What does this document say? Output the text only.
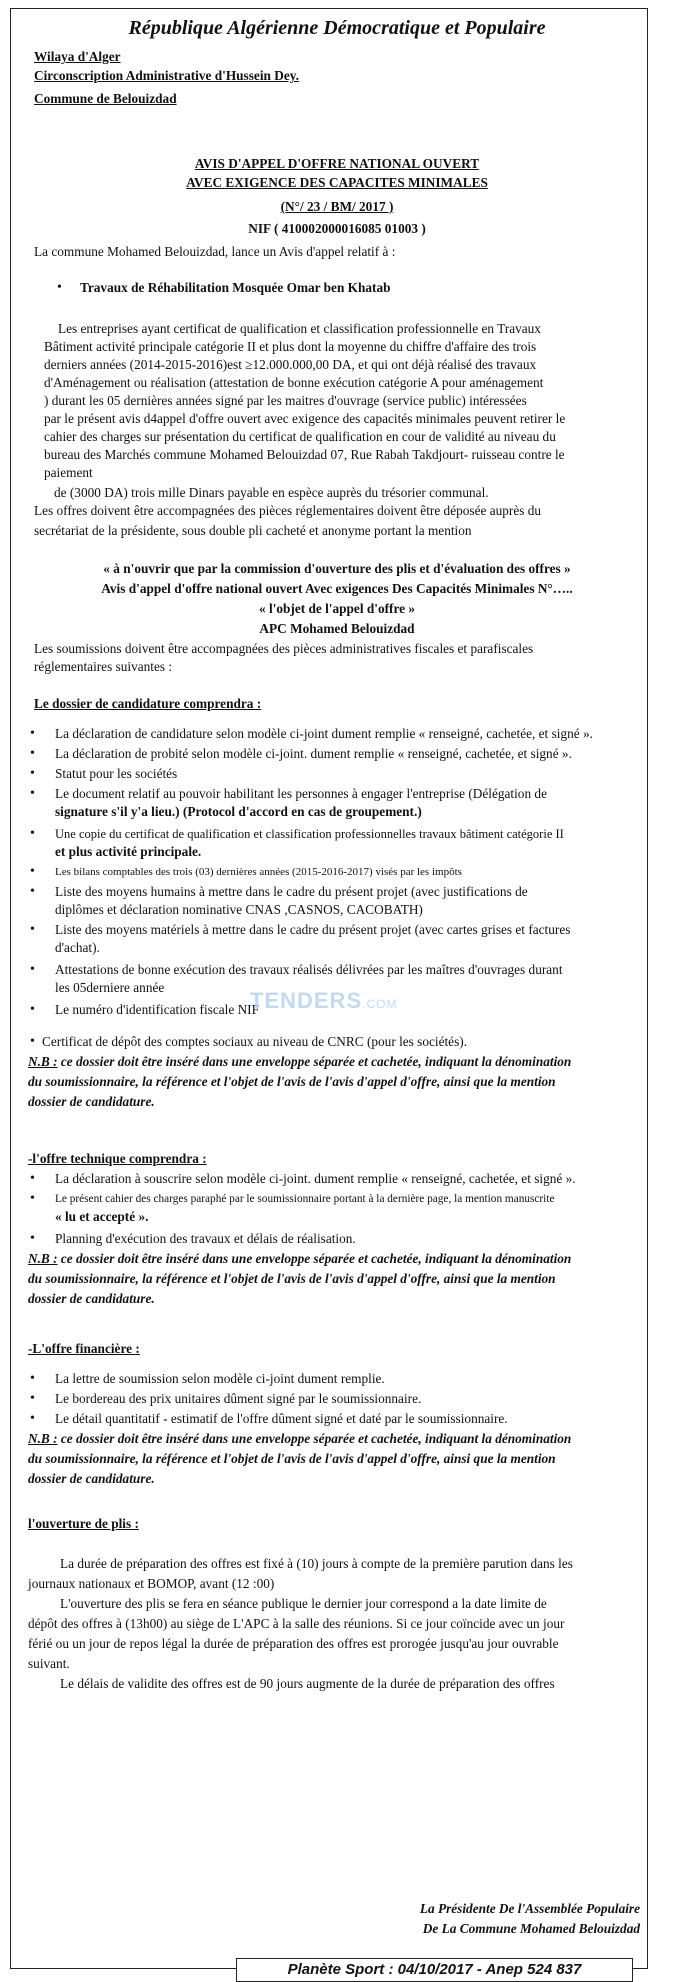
République Algérienne Démocratique et Populaire
Wilaya d'Alger
Circonscription Administrative d'Hussein Dey.
Commune de Belouizdad
AVIS D'APPEL D'OFFRE NATIONAL OUVERT
AVEC EXIGENCE DES CAPACITES MINIMALES
(N°/ 23 / BM/ 2017 )
NIF ( 410002000016085 01003 )
La commune Mohamed Belouizdad, lance un Avis d'appel relatif à :
• Travaux de Réhabilitation Mosquée Omar ben Khatab
Les entreprises ayant certificat de qualification et classification professionnelle en Travaux
Bâtiment activité principale catégorie II et plus dont la moyenne du chiffre d'affaire des trois
derniers années (2014-2015-2016)est ≥12.000.000,00 DA, et qui ont déjà réalisé des travaux
d'Aménagement ou réalisation (attestation de bonne exécution catégorie A pour aménagement
) durant les 05 dernières années signé par les maitres d'ouvrage (service public) intéressées
par le présent avis d4appel d'offre ouvert avec exigence des capacités minimales peuvent retirer le
cahier des charges sur présentation du certificat de qualification en cour de validité au niveau du
bureau des Marchés commune Mohamed Belouizdad 07, Rue Rabah Takdjourt- ruisseau contre le
paiement
de (3000 DA) trois mille Dinars payable en espèce auprès du trésorier communal.
Les offres doivent être accompagnées des pièces réglementaires doivent être déposée auprès du
secrétariat de la présidente, sous double pli cacheté et anonyme portant la mention
« à n'ouvrir que par la commission d'ouverture des plis et d'évaluation des offres »
Avis d'appel d'offre national ouvert Avec exigences Des Capacités Minimales N°…..
« l'objet de l'appel d'offre »
APC Mohamed Belouizdad
Les soumissions doivent être accompagnées des pièces administratives fiscales et parafiscales
réglementaires suivantes :
Le dossier de candidature comprendra :
• La déclaration de candidature selon modèle ci-joint dument remplie « renseigné, cachetée, et signé ».
• La déclaration de probité selon modèle ci-joint. dument remplie « renseigné, cachetée, et signé ».
• Statut pour les sociétés
• Le document relatif au pouvoir habilitant les personnes à engager l'entreprise (Délégation de
signature s'il y'a lieu.) (Protocol d'accord en cas de groupement.)
• Une copie du certificat de qualification et classification professionnelles travaux bâtiment catégorie II
et plus activité principale.
• Les bilans comptables des trois (03) dernières années (2015-2016-2017) visés par les impôts
• Liste des moyens humains à mettre dans le cadre du présent projet (avec justifications de
diplômes et déclaration nominative CNAS ,CASNOS, CACOBATH)
• Liste des moyens matériels à mettre dans le cadre du présent projet (avec cartes grises et factures
d'achat).
• Attestations de bonne exécution des travaux réalisés délivrées par les maîtres d'ouvrages durant
les 05derniere année
• Le numéro d'identification fiscale NIF
• Certificat de dépôt des comptes sociaux au niveau de CNRC (pour les sociétés).
TENDERS.COM
N.B : ce dossier doit être inséré dans une enveloppe séparée et cachetée, indiquant la dénomination
du soumissionnaire, la référence et l'objet de l'avis de l'avis d'appel d'offre, ainsi que la mention
dossier de candidature.
-l'offre technique comprendra :
• La déclaration à souscrire selon modèle ci-joint. dument remplie « renseigné, cachetée, et signé ».
• Le présent cahier des charges paraphé par le soumissionnaire portant à la dernière page, la mention manuscrite
« lu et accepté ».
• Planning d'exécution des travaux et délais de réalisation.
N.B : ce dossier doit être inséré dans une enveloppe séparée et cachetée, indiquant la dénomination
du soumissionnaire, la référence et l'objet de l'avis de l'avis d'appel d'offre, ainsi que la mention
dossier de candidature.
-L'offre financière :
• La lettre de soumission selon modèle ci-joint dument remplie.
• Le bordereau des prix unitaires dûment signé par le soumissionnaire.
• Le détail quantitatif - estimatif de l'offre dûment signé et daté par le soumissionnaire.
N.B : ce dossier doit être inséré dans une enveloppe séparée et cachetée, indiquant la dénomination
du soumissionnaire, la référence et l'objet de l'avis de l'avis d'appel d'offre, ainsi que la mention
dossier de candidature.
l'ouverture de plis :
La durée de préparation des offres est fixé à (10) jours à compte de la première parution dans les
journaux nationaux et BOMOP, avant (12 :00)
L'ouverture des plis se fera en séance publique le dernier jour correspond a la date limite de
dépôt des offres à (13h00) au siège de L'APC à la salle des réunions. Si ce jour coïncide avec un jour
férié ou un jour de repos légal la durée de préparation des offres est prorogée jusqu'au jour ouvrable
suivant.
Le délais de validite des offres est de 90 jours augmente de la durée de préparation des offres
La Présidente De l'Assemblée Populaire
De La Commune Mohamed Belouizdad
Planète Sport : 04/10/2017 - Anep 524 837
